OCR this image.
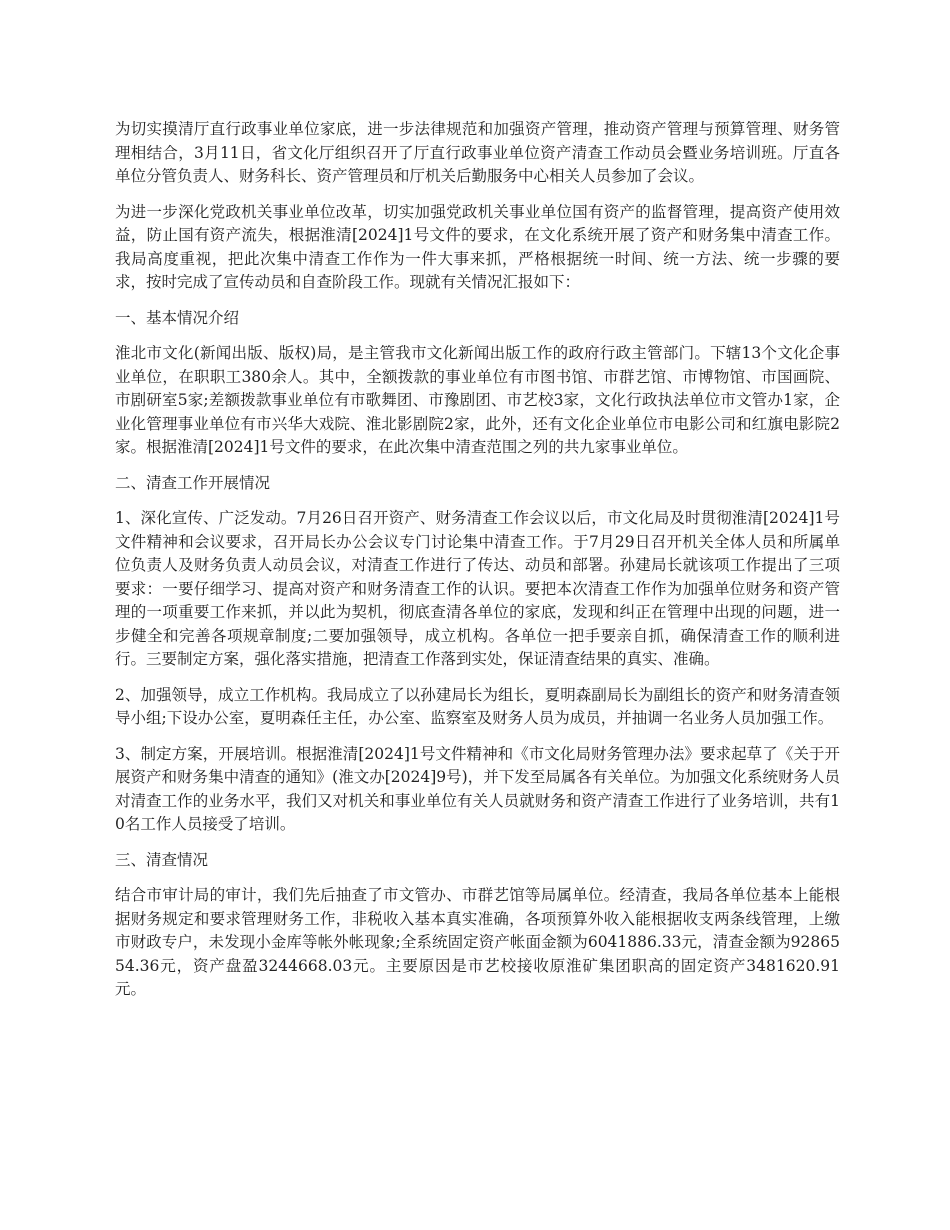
为切实摸清厅直行政事业单位家底，进一步法律规范和加强资产管理，推动资产管理与预算管理、财务管理相结合，3月11日，省文化厅组织召开了厅直行政事业单位资产清查工作动员会暨业务培训班。厅直各单位分管负责人、财务科长、资产管理员和厅机关后勤服务中心相关人员参加了会议。

为进一步深化党政机关事业单位改革，切实加强党政机关事业单位国有资产的监督管理，提高资产使用效益，防止国有资产流失，根据淮清[2024]1号文件的要求，在文化系统开展了资产和财务集中清查工作。我局高度重视，把此次集中清查工作作为一件大事来抓，严格根据统一时间、统一方法、统一步骤的要求，按时完成了宣传动员和自查阶段工作。现就有关情况汇报如下：

一、基本情况介绍

淮北市文化(新闻出版、版权)局，是主管我市文化新闻出版工作的政府行政主管部门。下辖13个文化企事业单位，在职职工380余人。其中，全额拨款的事业单位有市图书馆、市群艺馆、市博物馆、市国画院、市剧研室5家;差额拨款事业单位有市歌舞团、市豫剧团、市艺校3家，文化行政执法单位市文管办1家，企业化管理事业单位有市兴华大戏院、淮北影剧院2家，此外，还有文化企业单位市电影公司和红旗电影院2家。根据淮清[2024]1号文件的要求，在此次集中清查范围之列的共九家事业单位。

二、清查工作开展情况

1、深化宣传、广泛发动。7月26日召开资产、财务清查工作会议以后，市文化局及时贯彻淮清[2024]1号文件精神和会议要求，召开局长办公会议专门讨论集中清查工作。于7月29日召开机关全体人员和所属单位负责人及财务负责人动员会议，对清查工作进行了传达、动员和部署。孙建局长就该项工作提出了三项要求：一要仔细学习、提高对资产和财务清查工作的认识。要把本次清查工作作为加强单位财务和资产管理的一项重要工作来抓，并以此为契机，彻底查清各单位的家底，发现和纠正在管理中出现的问题，进一步健全和完善各项规章制度;二要加强领导，成立机构。各单位一把手要亲自抓，确保清查工作的顺利进行。三要制定方案，强化落实措施，把清查工作落到实处，保证清查结果的真实、准确。

2、加强领导，成立工作机构。我局成立了以孙建局长为组长，夏明森副局长为副组长的资产和财务清查领导小组;下设办公室，夏明森任主任，办公室、监察室及财务人员为成员，并抽调一名业务人员加强工作。

3、制定方案，开展培训。根据淮清[2024]1号文件精神和《市文化局财务管理办法》要求起草了《关于开展资产和财务集中清查的通知》(淮文办[2024]9号)，并下发至局属各有关单位。为加强文化系统财务人员对清查工作的业务水平，我们又对机关和事业单位有关人员就财务和资产清查工作进行了业务培训，共有10名工作人员接受了培训。

三、清查情况

结合市审计局的审计，我们先后抽查了市文管办、市群艺馆等局属单位。经清查，我局各单位基本上能根据财务规定和要求管理财务工作，非税收入基本真实准确，各项预算外收入能根据收支两条线管理，上缴市财政专户，未发现小金库等帐外帐现象;全系统固定资产帐面金额为6041886.33元，清查金额为9286554.36元，资产盘盈3244668.03元。主要原因是市艺校接收原淮矿集团职高的固定资产3481620.91元。
